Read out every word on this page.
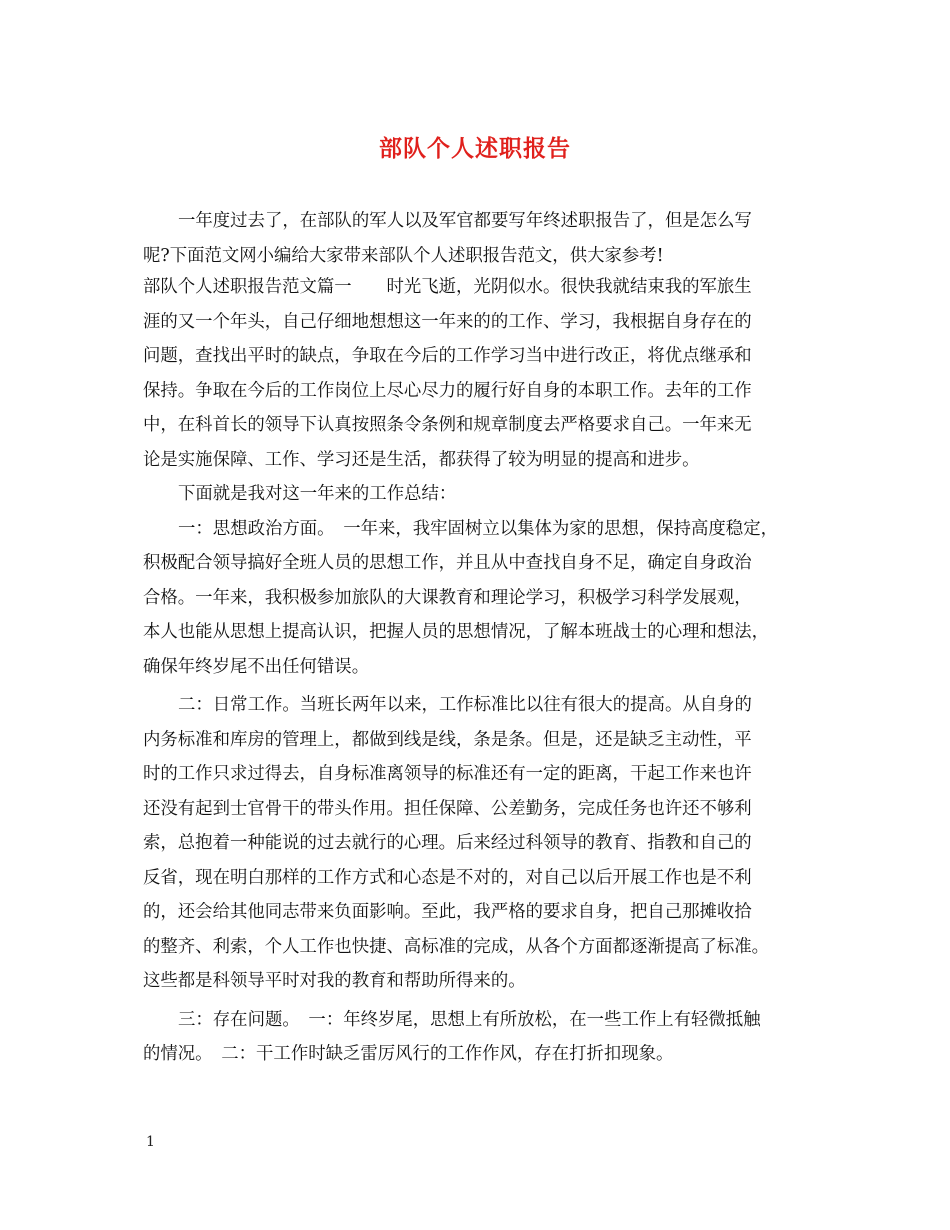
部队个人述职报告
一年度过去了，在部队的军人以及军官都要写年终述职报告了，但是怎么写
呢?下面范文网小编给大家带来部队个人述职报告范文，供大家参考!
部队个人述职报告范文篇一　　时光飞逝，光阴似水。很快我就结束我的军旅生
涯的又一个年头，自己仔细地想想这一年来的的工作、学习，我根据自身存在的
问题，查找出平时的缺点，争取在今后的工作学习当中进行改正，将优点继承和
保持。争取在今后的工作岗位上尽心尽力的履行好自身的本职工作。去年的工作
中，在科首长的领导下认真按照条令条例和规章制度去严格要求自己。一年来无
论是实施保障、工作、学习还是生活，都获得了较为明显的提高和进步。
下面就是我对这一年来的工作总结：
一：思想政治方面。　一年来，我牢固树立以集体为家的思想，保持高度稳定，
积极配合领导搞好全班人员的思想工作，并且从中查找自身不足，确定自身政治
合格。一年来，我积极参加旅队的大课教育和理论学习，积极学习科学发展观，
本人也能从思想上提高认识，把握人员的思想情况，了解本班战士的心理和想法，
确保年终岁尾不出任何错误。
二：日常工作。当班长两年以来，工作标准比以往有很大的提高。从自身的
内务标准和库房的管理上，都做到线是线，条是条。但是，还是缺乏主动性，平
时的工作只求过得去，自身标准离领导的标准还有一定的距离，干起工作来也许
还没有起到士官骨干的带头作用。担任保障、公差勤务，完成任务也许还不够利
索，总抱着一种能说的过去就行的心理。后来经过科领导的教育、指教和自己的
反省，现在明白那样的工作方式和心态是不对的，对自己以后开展工作也是不利
的，还会给其他同志带来负面影响。至此，我严格的要求自身，把自己那摊收拾
的整齐、利索，个人工作也快捷、高标准的完成，从各个方面都逐渐提高了标准。
这些都是科领导平时对我的教育和帮助所得来的。
三：存在问题。　一：年终岁尾，思想上有所放松，在一些工作上有轻微抵触
的情况。　二：干工作时缺乏雷厉风行的工作作风，存在打折扣现象。
1
